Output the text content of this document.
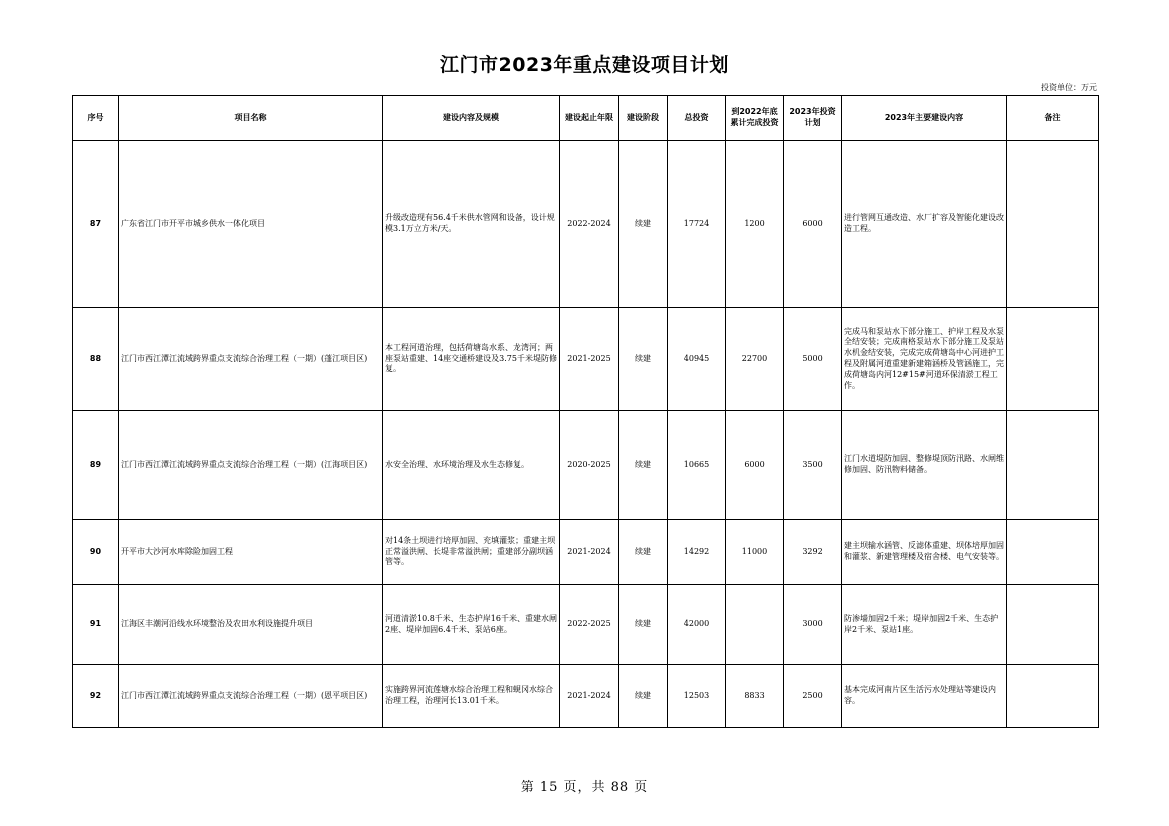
江门市2023年重点建设项目计划
投资单位：万元
序号	项目名称	建设内容及规模	建设起止年限	建设阶段	总投资	到2022年底累计完成投资	2023年投资计划	2023年主要建设内容	备注
87	广东省江门市开平市城乡供水一体化项目	升级改造现有56.4千米供水管网和设备，设计规模3.1万立方米/天。	2022-2024	续建	17724	1200	6000	进行管网互通改造、水厂扩容及智能化建设改造工程。	
88	江门市西江潭江流域跨界重点支流综合治理工程（一期）(蓬江项目区)	本工程河道治理，包括荷塘岛水系、龙湾河；两座泵站重建、14座交通桥建设及3.75千米堤防修复。	2021-2025	续建	40945	22700	5000	完成马和泵站水下部分施工、护岸工程及水泵全结安装；完成南格泵站水下部分施工及泵站水机金结安装，完成完成荷塘岛中心河进护工程及附属河道重建新建箱涵桥及管涵施工，完成荷塘岛内河12#15#河道环保清淤工程工作。	
89	江门市西江潭江流域跨界重点支流综合治理工程（一期）(江海项目区)	水安全治理、水环境治理及水生态修复。	2020-2025	续建	10665	6000	3500	江门水道堤防加固、整修堤顶防汛路、水闸维修加固、防汛物料储备。	
90	开平市大沙河水库除险加固工程	对14条土坝进行培厚加固、充填灌浆；重建主坝正常溢洪闸、长堤非常溢洪闸；重建部分副坝涵管等。	2021-2024	续建	14292	11000	3292	建主坝输水涵管、反滤体重建、坝体培厚加固和灌浆、新建管理楼及宿舍楼、电气安装等。	
91	江海区丰潮河沿线水环境整治及农田水利设施提升项目	河道清淤10.8千米、生态护岸16千米、重建水闸2座、堤岸加固6.4千米、泵站6座。	2022-2025	续建	42000		3000	防渗墙加固2千米；堤岸加固2千米、生态护岸2千米、泵站1座。	
92	江门市西江潭江流域跨界重点支流综合治理工程（一期）(恩平项目区)	实施跨界河流莲塘水综合治理工程和蜆冈水综合治理工程，治理河长13.01千米。	2021-2024	续建	12503	8833	2500	基本完成河南片区生活污水处理站等建设内容。	
第 15 页，共 88 页
